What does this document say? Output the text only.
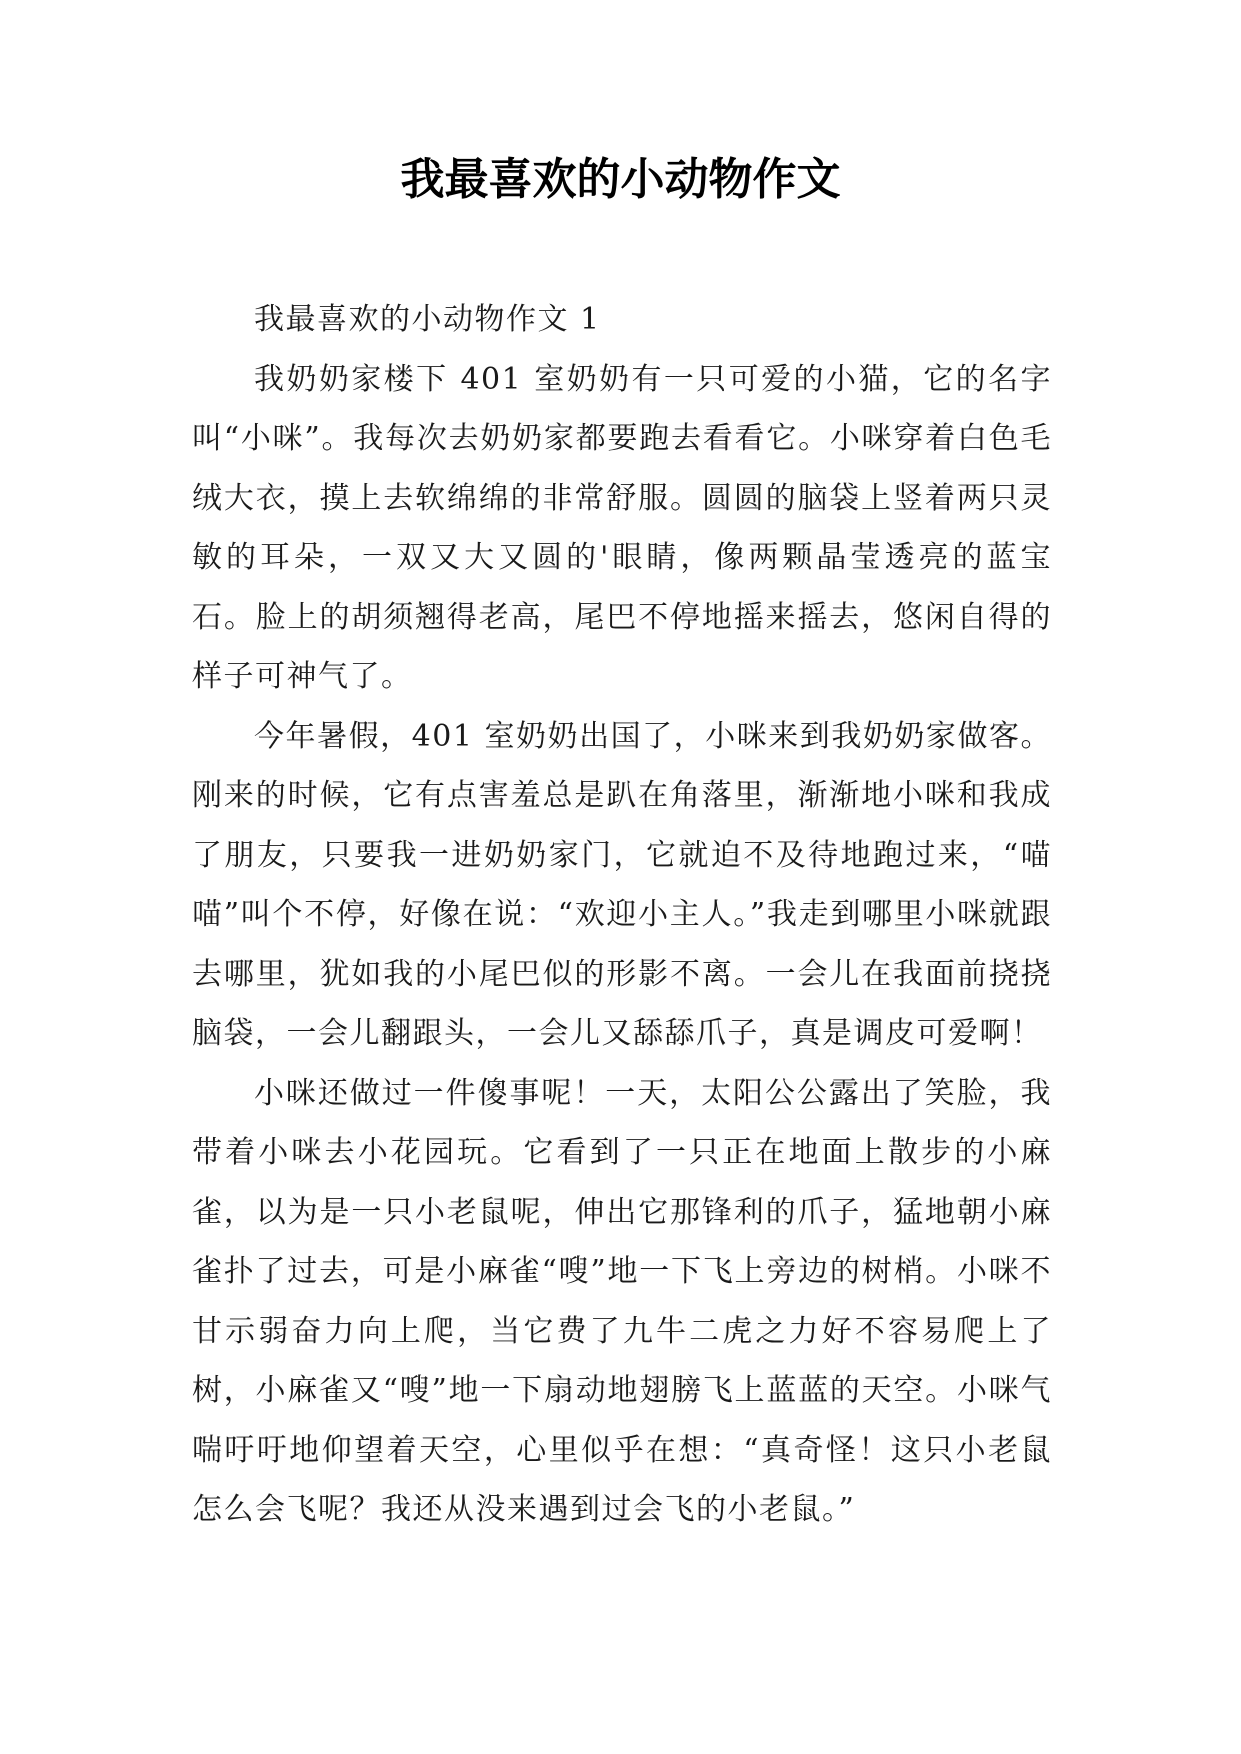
我最喜欢的小动物作文

我最喜欢的小动物作文 1

我奶奶家楼下 401 室奶奶有一只可爱的小猫，它的名字叫“小咪”。我每次去奶奶家都要跑去看看它。小咪穿着白色毛绒大衣，摸上去软绵绵的非常舒服。圆圆的脑袋上竖着两只灵敏的耳朵，一双又大又圆的'眼睛，像两颗晶莹透亮的蓝宝石。脸上的胡须翘得老高，尾巴不停地摇来摇去，悠闲自得的样子可神气了。

今年暑假，401 室奶奶出国了，小咪来到我奶奶家做客。刚来的时候，它有点害羞总是趴在角落里，渐渐地小咪和我成了朋友，只要我一进奶奶家门，它就迫不及待地跑过来，“喵喵”叫个不停，好像在说：“欢迎小主人。”我走到哪里小咪就跟去哪里，犹如我的小尾巴似的形影不离。一会儿在我面前挠挠脑袋，一会儿翻跟头，一会儿又舔舔爪子，真是调皮可爱啊！

小咪还做过一件傻事呢！一天，太阳公公露出了笑脸，我带着小咪去小花园玩。它看到了一只正在地面上散步的小麻雀，以为是一只小老鼠呢，伸出它那锋利的爪子，猛地朝小麻雀扑了过去，可是小麻雀“嗖”地一下飞上旁边的树梢。小咪不甘示弱奋力向上爬，当它费了九牛二虎之力好不容易爬上了树，小麻雀又“嗖”地一下扇动地翅膀飞上蓝蓝的天空。小咪气喘吁吁地仰望着天空，心里似乎在想：“真奇怪！这只小老鼠怎么会飞呢？我还从没来遇到过会飞的小老鼠。”
